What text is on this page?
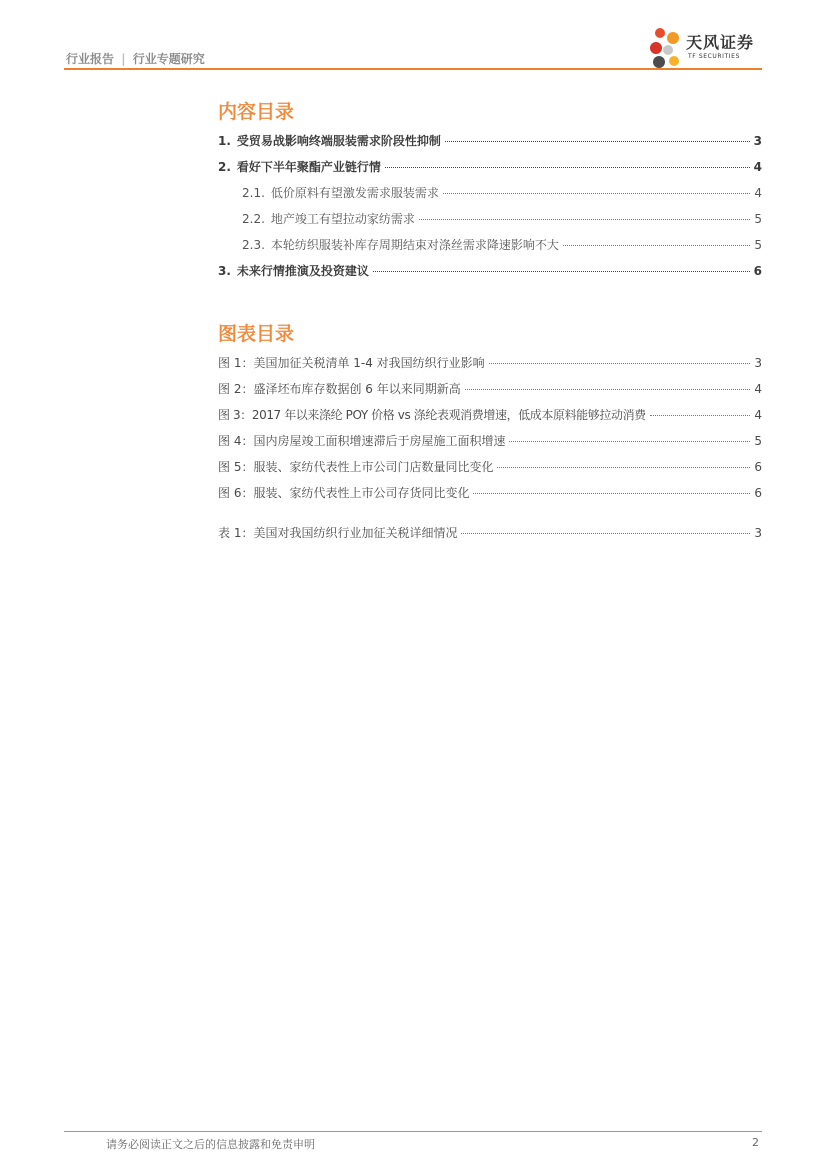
行业报告 | 行业专题研究
天风证券
TF SECURITIES
内容目录
1. 受贸易战影响终端服装需求阶段性抑制	3
2. 看好下半年聚酯产业链行情	4
2.1. 低价原料有望激发需求服装需求	4
2.2. 地产竣工有望拉动家纺需求	5
2.3. 本轮纺织服装补库存周期结束对涤丝需求降速影响不大	5
3. 未来行情推演及投资建议	6
图表目录
图 1：美国加征关税清单 1-4 对我国纺织行业影响	3
图 2：盛泽坯布库存数据创 6 年以来同期新高	4
图 3：2017 年以来涤纶 POY 价格 vs 涤纶表观消费增速，低成本原料能够拉动消费	4
图 4：国内房屋竣工面积增速滞后于房屋施工面积增速	5
图 5：服装、家纺代表性上市公司门店数量同比变化	6
图 6：服装、家纺代表性上市公司存货同比变化	6
表 1：美国对我国纺织行业加征关税详细情况	3
请务必阅读正文之后的信息披露和免责申明	2
